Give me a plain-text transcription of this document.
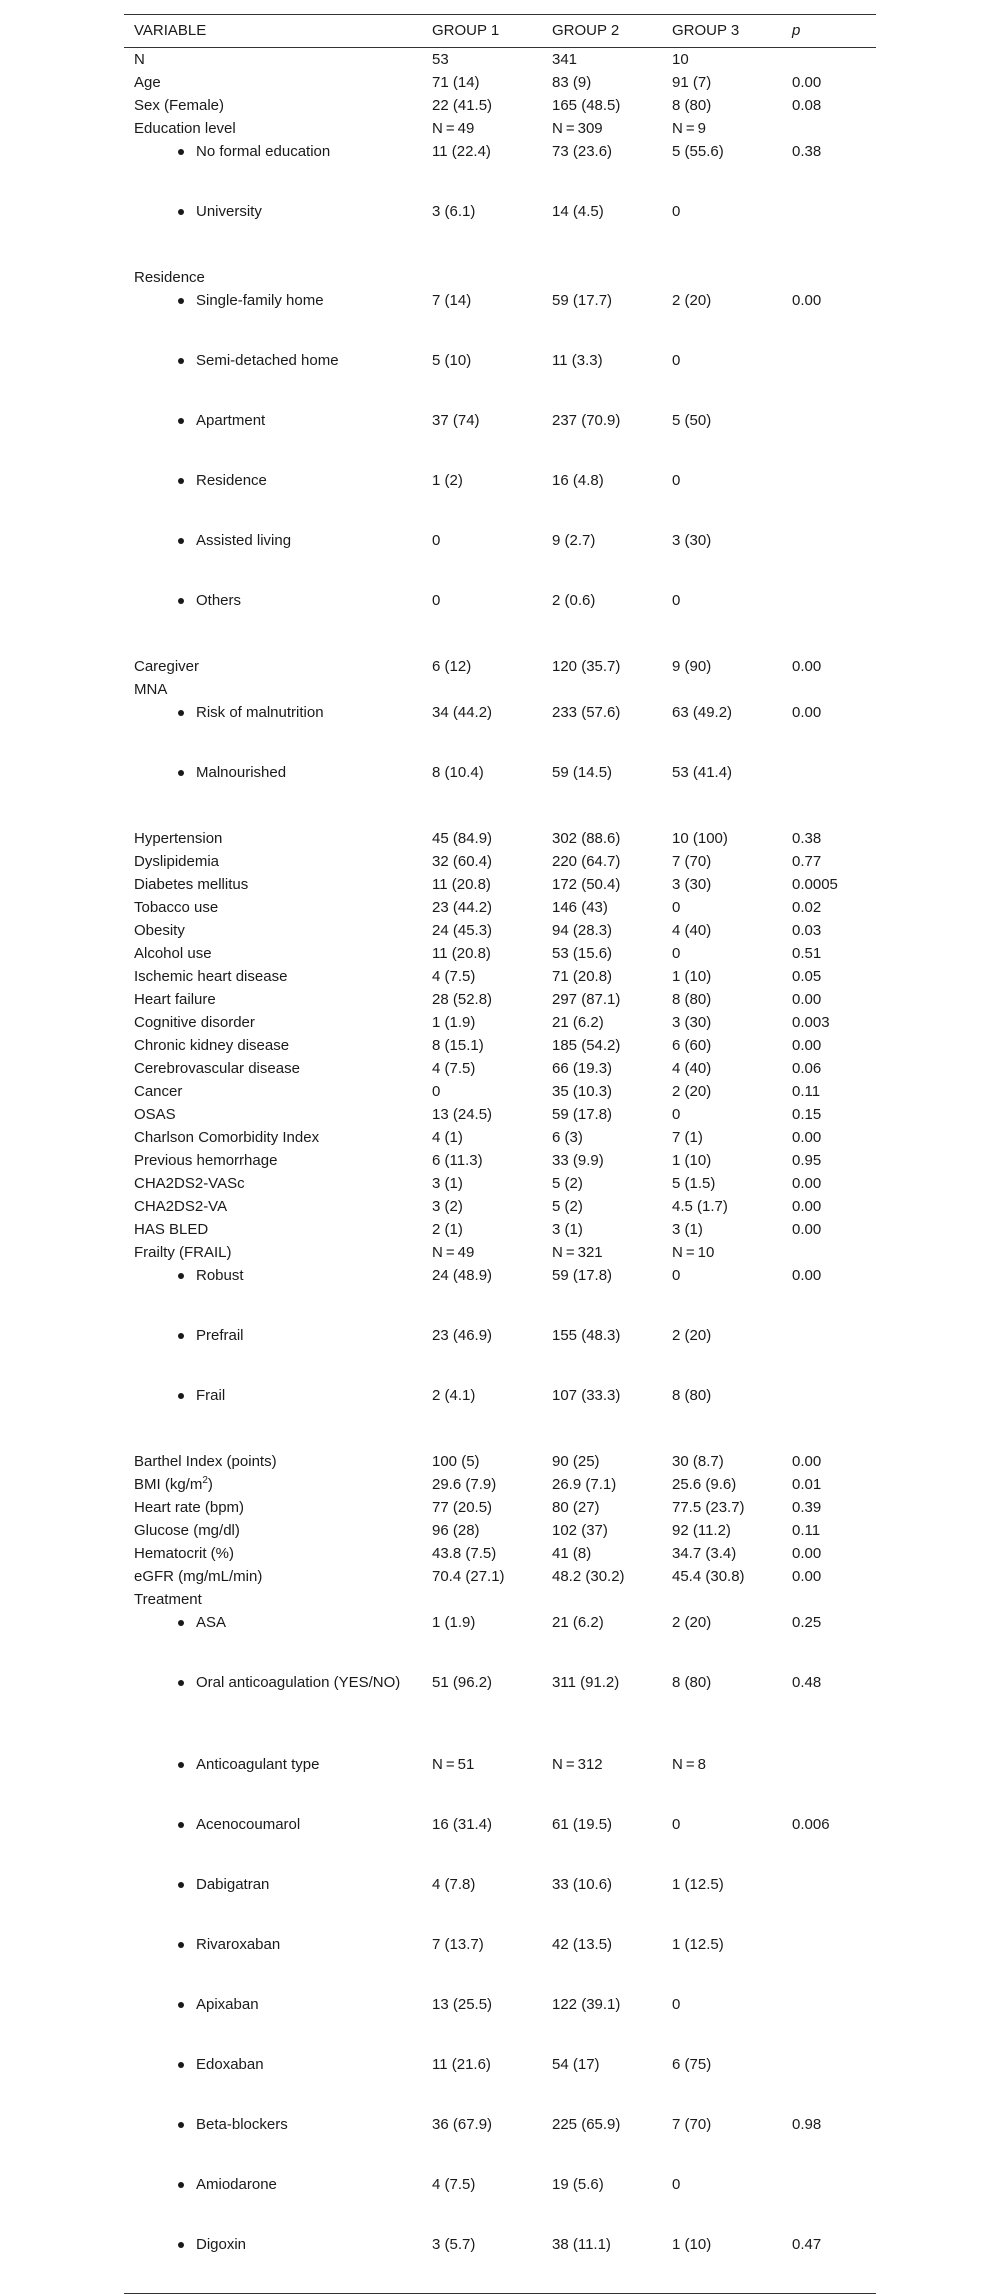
VARIABLE	GROUP 1	GROUP 2	GROUP 3	p
N	53	341	10
Age	71 (14)	83 (9)	91 (7)	0.00
Sex (Female)	22 (41.5)	165 (48.5)	8 (80)	0.08
Education level	N = 49	N = 309	N = 9
No formal education	11 (22.4)	73 (23.6)	5 (55.6)	0.38
University	3 (6.1)	14 (4.5)	0
Residence
Single-family home	7 (14)	59 (17.7)	2 (20)	0.00
Semi-detached home	5 (10)	11 (3.3)	0
Apartment	37 (74)	237 (70.9)	5 (50)
Residence	1 (2)	16 (4.8)	0
Assisted living	0	9 (2.7)	3 (30)
Others	0	2 (0.6)	0
Caregiver	6 (12)	120 (35.7)	9 (90)	0.00
MNA
Risk of malnutrition	34 (44.2)	233 (57.6)	63 (49.2)	0.00
Malnourished	8 (10.4)	59 (14.5)	53 (41.4)
Hypertension	45 (84.9)	302 (88.6)	10 (100)	0.38
Dyslipidemia	32 (60.4)	220 (64.7)	7 (70)	0.77
Diabetes mellitus	11 (20.8)	172 (50.4)	3 (30)	0.0005
Tobacco use	23 (44.2)	146 (43)	0	0.02
Obesity	24 (45.3)	94 (28.3)	4 (40)	0.03
Alcohol use	11 (20.8)	53 (15.6)	0	0.51
Ischemic heart disease	4 (7.5)	71 (20.8)	1 (10)	0.05
Heart failure	28 (52.8)	297 (87.1)	8 (80)	0.00
Cognitive disorder	1 (1.9)	21 (6.2)	3 (30)	0.003
Chronic kidney disease	8 (15.1)	185 (54.2)	6 (60)	0.00
Cerebrovascular disease	4 (7.5)	66 (19.3)	4 (40)	0.06
Cancer	0	35 (10.3)	2 (20)	0.11
OSAS	13 (24.5)	59 (17.8)	0	0.15
Charlson Comorbidity Index	4 (1)	6 (3)	7 (1)	0.00
Previous hemorrhage	6 (11.3)	33 (9.9)	1 (10)	0.95
CHA2DS2-VASc	3 (1)	5 (2)	5 (1.5)	0.00
CHA2DS2-VA	3 (2)	5 (2)	4.5 (1.7)	0.00
HAS BLED	2 (1)	3 (1)	3 (1)	0.00
Frailty (FRAIL)	N = 49	N = 321	N = 10
Robust	24 (48.9)	59 (17.8)	0	0.00
Prefrail	23 (46.9)	155 (48.3)	2 (20)
Frail	2 (4.1)	107 (33.3)	8 (80)
Barthel Index (points)	100 (5)	90 (25)	30 (8.7)	0.00
BMI $(kg/m^2)$	29.6 (7.9)	26.9 (7.1)	25.6 (9.6)	0.01
Heart rate (bpm)	77 (20.5)	80 (27)	77.5 (23.7)	0.39
Glucose (mg/dl)	96 (28)	102 (37)	92 (11.2)	0.11
Hematocrit (%)	43.8 (7.5)	41 (8)	34.7 (3.4)	0.00
eGFR (mg/mL/min)	70.4 (27.1)	48.2 (30.2)	45.4 (30.8)	0.00
Treatment
ASA	1 (1.9)	21 (6.2)	2 (20)	0.25
Oral anticoagulation (YES/NO)	51 (96.2)	311 (91.2)	8 (80)	0.48
Anticoagulant type	N = 51	N = 312	N = 8
Acenocoumarol	16 (31.4)	61 (19.5)	0	0.006
Dabigatran	4 (7.8)	33 (10.6)	1 (12.5)
Rivaroxaban	7 (13.7)	42 (13.5)	1 (12.5)
Apixaban	13 (25.5)	122 (39.1)	0
Edoxaban	11 (21.6)	54 (17)	6 (75)
Beta-blockers	36 (67.9)	225 (65.9)	7 (70)	0.98
Amiodarone	4 (7.5)	19 (5.6)	0
Digoxin	3 (5.7)	38 (11.1)	1 (10)	0.47
